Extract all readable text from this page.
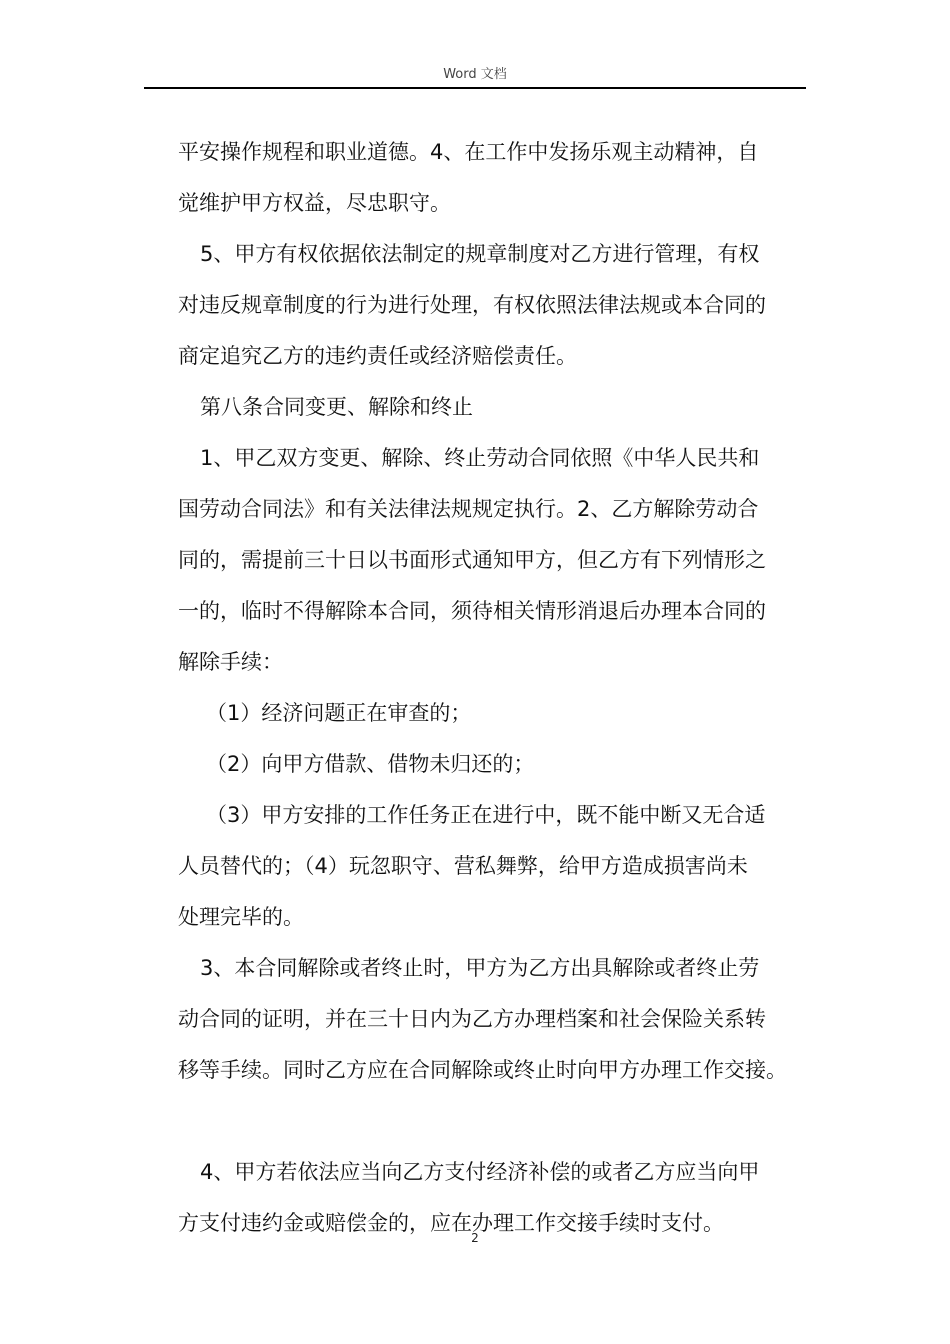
Word 文档
平安操作规程和职业道德。4、在工作中发扬乐观主动精神，自
觉维护甲方权益，尽忠职守。
5、甲方有权依据依法制定的规章制度对乙方进行管理，有权
对违反规章制度的行为进行处理，有权依照法律法规或本合同的
商定追究乙方的违约责任或经济赔偿责任。
第八条合同变更、解除和终止
1、甲乙双方变更、解除、终止劳动合同依照《中华人民共和
国劳动合同法》和有关法律法规规定执行。2、乙方解除劳动合
同的，需提前三十日以书面形式通知甲方，但乙方有下列情形之
一的，临时不得解除本合同，须待相关情形消退后办理本合同的
解除手续：
（1）经济问题正在审查的；
（2）向甲方借款、借物未归还的；
（3）甲方安排的工作任务正在进行中，既不能中断又无合适
人员替代的；（4）玩忽职守、营私舞弊，给甲方造成损害尚未
处理完毕的。
3、本合同解除或者终止时，甲方为乙方出具解除或者终止劳
动合同的证明，并在三十日内为乙方办理档案和社会保险关系转
移等手续。同时乙方应在合同解除或终止时向甲方办理工作交接。
4、甲方若依法应当向乙方支付经济补偿的或者乙方应当向甲
方支付违约金或赔偿金的，应在办理工作交接手续时支付。
2
